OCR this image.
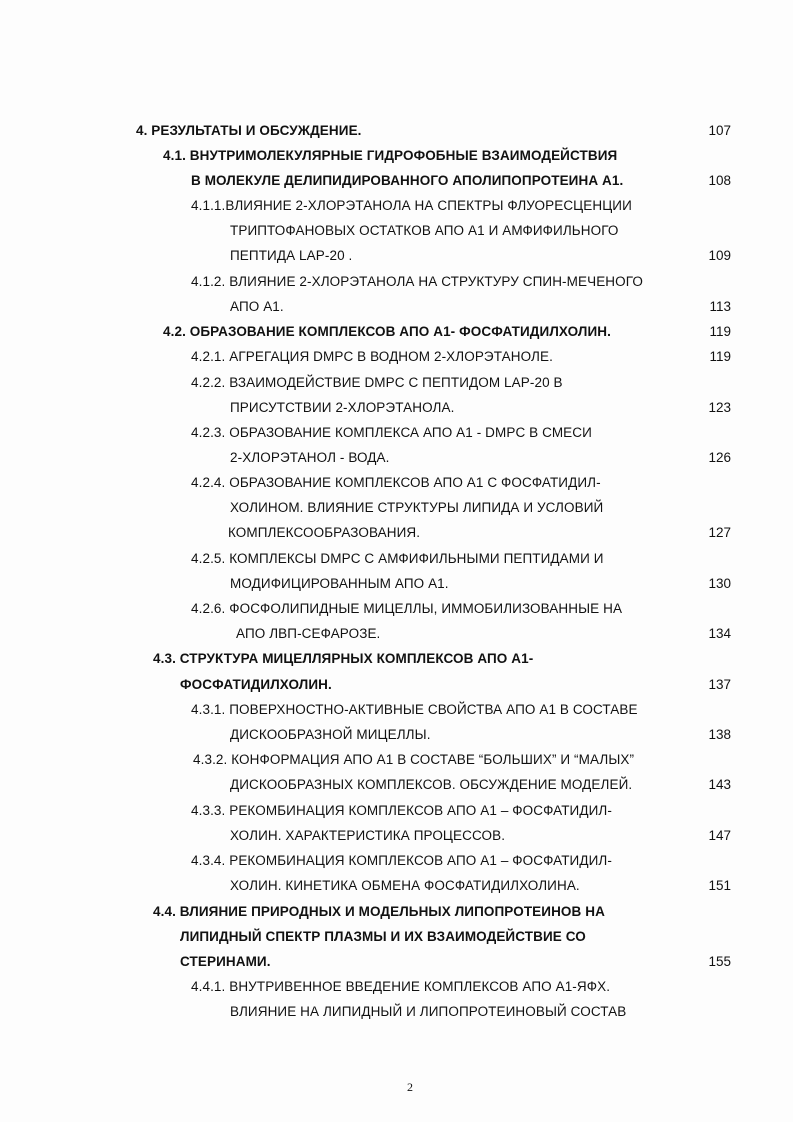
4. РЕЗУЛЬТАТЫ И ОБСУЖДЕНИЕ.	107
4.1. ВНУТРИМОЛЕКУЛЯРНЫЕ ГИДРОФОБНЫЕ ВЗАИМОДЕЙСТВИЯ
В МОЛЕКУЛЕ ДЕЛИПИДИРОВАННОГО АПОЛИПОПРОТЕИНА А1.	108
4.1.1.ВЛИЯНИЕ 2-ХЛОРЭТАНОЛА НА СПЕКТРЫ ФЛУОРЕСЦЕНЦИИ
ТРИПТОФАНОВЫХ ОСТАТКОВ АПО А1 И АМФИФИЛЬНОГО
ПЕПТИДА LAP-20 .	109
4.1.2. ВЛИЯНИЕ 2-ХЛОРЭТАНОЛА НА СТРУКТУРУ СПИН-МЕЧЕНОГО
АПО А1.	113
4.2. ОБРАЗОВАНИЕ КОМПЛЕКСОВ АПО А1- ФОСФАТИДИЛХОЛИН.	119
4.2.1. АГРЕГАЦИЯ DMPC В ВОДНОМ 2-ХЛОРЭТАНОЛЕ.	119
4.2.2. ВЗАИМОДЕЙСТВИЕ DMPC С ПЕПТИДОМ LAP-20 В
ПРИСУТСТВИИ 2-ХЛОРЭТАНОЛА.	123
4.2.3. ОБРАЗОВАНИЕ КОМПЛЕКСА АПО А1 - DMPC В СМЕСИ
2-ХЛОРЭТАНОЛ - ВОДА.	126
4.2.4. ОБРАЗОВАНИЕ КОМПЛЕКСОВ АПО А1 С ФОСФАТИДИЛ-
ХОЛИНОМ. ВЛИЯНИЕ СТРУКТУРЫ ЛИПИДА И УСЛОВИЙ
КОМПЛЕКСООБРАЗОВАНИЯ.	127
4.2.5. КОМПЛЕКСЫ DMPC С АМФИФИЛЬНЫМИ ПЕПТИДАМИ И
МОДИФИЦИРОВАННЫМ АПО А1.	130
4.2.6. ФОСФОЛИПИДНЫЕ МИЦЕЛЛЫ, ИММОБИЛИЗОВАННЫЕ НА
АПО ЛВП-СЕФАРОЗЕ.	134
4.3. СТРУКТУРА МИЦЕЛЛЯРНЫХ КОМПЛЕКСОВ АПО А1-
ФОСФАТИДИЛХОЛИН.	137
4.3.1. ПОВЕРХНОСТНО-АКТИВНЫЕ СВОЙСТВА АПО А1 В СОСТАВЕ
ДИСКООБРАЗНОЙ МИЦЕЛЛЫ.	138
4.3.2. КОНФОРМАЦИЯ АПО А1 В СОСТАВЕ “БОЛЬШИХ” И “МАЛЫХ”
ДИСКООБРАЗНЫХ КОМПЛЕКСОВ. ОБСУЖДЕНИЕ МОДЕЛЕЙ.	143
4.3.3. РЕКОМБИНАЦИЯ КОМПЛЕКСОВ АПО А1 – ФОСФАТИДИЛ-
ХОЛИН. ХАРАКТЕРИСТИКА ПРОЦЕССОВ.	147
4.3.4. РЕКОМБИНАЦИЯ КОМПЛЕКСОВ АПО А1 – ФОСФАТИДИЛ-
ХОЛИН. КИНЕТИКА ОБМЕНА ФОСФАТИДИЛХОЛИНА.	151
4.4. ВЛИЯНИЕ ПРИРОДНЫХ И МОДЕЛЬНЫХ ЛИПОПРОТЕИНОВ НА
ЛИПИДНЫЙ СПЕКТР ПЛАЗМЫ И ИХ ВЗАИМОДЕЙСТВИЕ СО
СТЕРИНАМИ.	155
4.4.1. ВНУТРИВЕННОЕ ВВЕДЕНИЕ КОМПЛЕКСОВ АПО А1-ЯФХ.
ВЛИЯНИЕ НА ЛИПИДНЫЙ И ЛИПОПРОТЕИНОВЫЙ СОСТАВ
2
